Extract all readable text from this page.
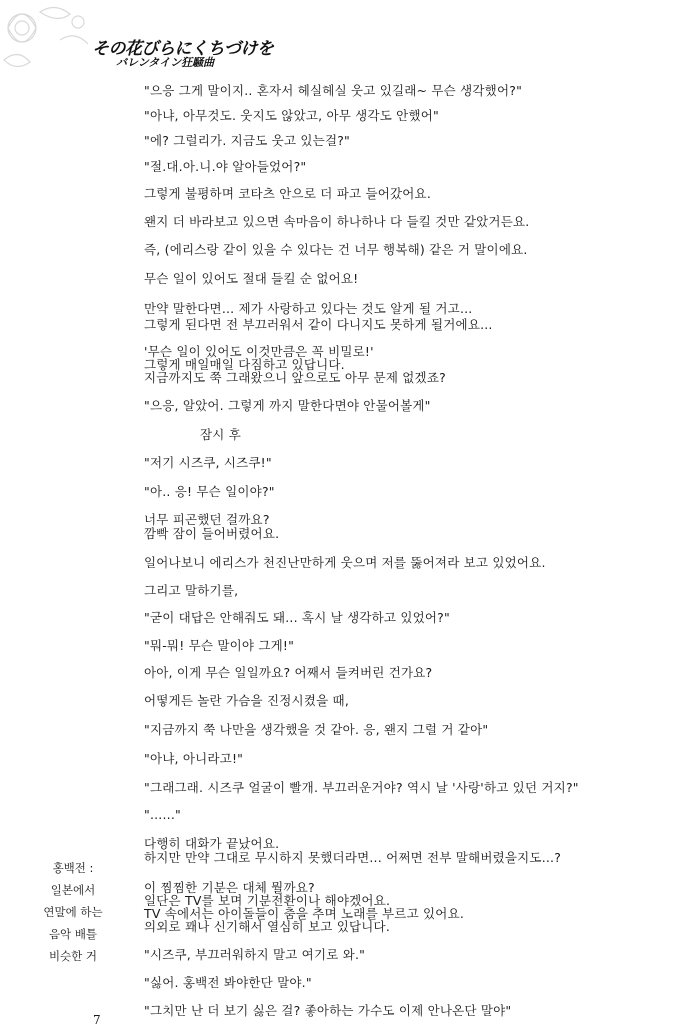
その花びらにくちづけを
バレンタイン狂騒曲
"으응 그게 말이지.. 혼자서 헤실헤실 웃고 있길래~ 무슨 생각했어?"
"아냐, 아무것도. 웃지도 않았고, 아무 생각도 안했어"
"에? 그럴리가. 지금도 웃고 있는걸?"
"절.대.아.니.야 알아들었어?"
그렇게 불평하며 코타츠 안으로 더 파고 들어갔어요.
왠지 더 바라보고 있으면 속마음이 하나하나 다 들킬 것만 같았거든요.
즉, (에리스랑 같이 있을 수 있다는 건 너무 행복해) 같은 거 말이에요.
무슨 일이 있어도 절대 들킬 순 없어요!
만약 말한다면... 제가 사랑하고 있다는 것도 알게 될 거고...
그렇게 된다면 전 부끄러워서 같이 다니지도 못하게 될거에요...
'무슨 일이 있어도 이것만큼은 꼭 비밀로!'
그렇게 매일매일 다짐하고 있답니다.
지금까지도 쭉 그래왔으니 앞으로도 아무 문제 없겠죠?
"으응, 알았어. 그렇게 까지 말한다면야 안물어볼게"
잠시 후
"저기 시즈쿠, 시즈쿠!"
"아.. 응! 무슨 일이야?"
너무 피곤했던 걸까요?
깜빡 잠이 들어버렸어요.
일어나보니 에리스가 천진난만하게 웃으며 저를 뚫어져라 보고 있었어요.
그리고 말하기를,
"굳이 대답은 안해줘도 돼... 혹시 날 생각하고 있었어?"
"뭐-뭐! 무슨 말이야 그게!"
아아, 이게 무슨 일일까요? 어째서 들켜버린 건가요?
어떻게든 놀란 가슴을 진정시켰을 때,
"지금까지 쭉 나만을 생각했을 것 같아. 응, 왠지 그럴 거 같아"
"아냐, 아니라고!"
"그래그래. 시즈쿠 얼굴이 빨개. 부끄러운거야? 역시 날 '사랑'하고 있던 거지?"
"......"
다행히 대화가 끝났어요.
하지만 만약 그대로 무시하지 못했더라면... 어쩌면 전부 말해버렸을지도...?
이 찜찜한 기분은 대체 뭘까요?
일단은 TV를 보며 기분전환이나 해야겠어요.
TV 속에서는 아이돌들이 춤을 추며 노래를 부르고 있어요.
의외로 꽤나 신기해서 열심히 보고 있답니다.
"시즈쿠, 부끄러워하지 말고 여기로 와."
"싫어. 홍백전 봐야한단 말야."
"그치만 난 더 보기 싫은 걸? 좋아하는 가수도 이제 안나온단 말야"
홍백전 :
일본에서
연말에 하는
음악 배틀
비슷한 거
7
